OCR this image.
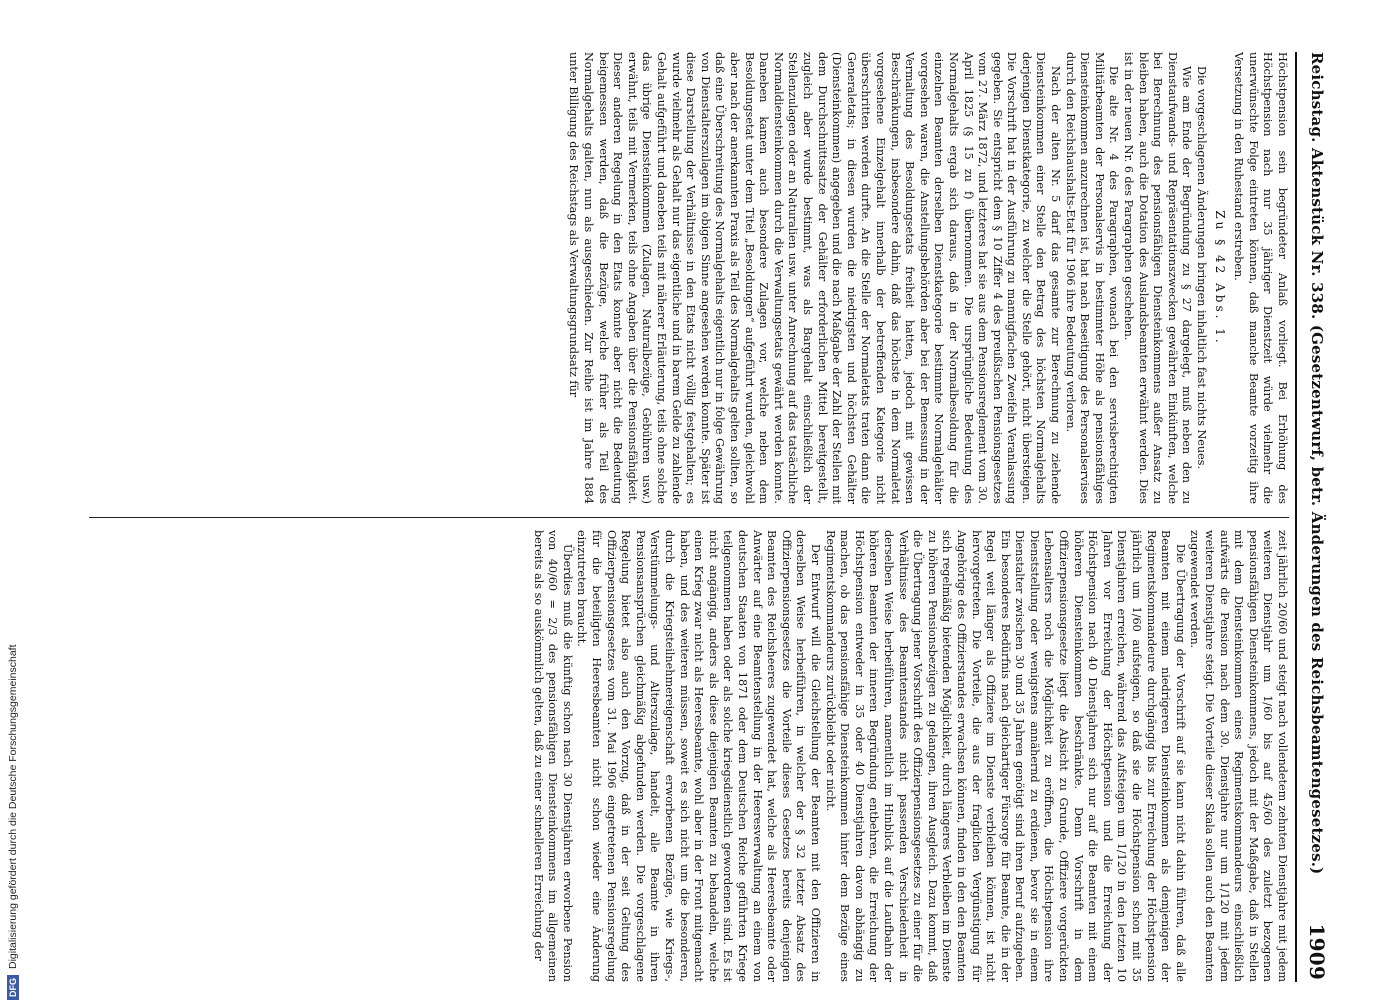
Reichstag. Aktenstück Nr. 338. (Gesetzentwurf, betr. Änderungen des Reichsbeamtengesetzes.)
1909

Höchstpension sein begründeter Anlaß vorliegt. Bei Erhöhung des Höchstpension nach nur 35 jähriger Dienstzeit würde vielmehr die unerwünschte Folge eintreten können, daß manche Beamte vorzeitig ihre Versetzung in den Ruhestand erstreben.

Zu § 42 Abs. 1.

Die vorgeschlagenen Änderungen bringen inhaltlich fast nichts Neues.

Wie am Ende der Begründung zu § 27 dargelegt, muß neben den zu Dienstaufwands- und Repräsentationszwecken gewährten Einkünften, welche bei Berechnung des pensionsfähigen Diensteinkommens außer Ansatz zu bleiben haben, auch die Dotation des Auslandsbeamten erwähnt werden. Dies ist in der neuen Nr. 6 des Paragraphen geschehen.

Die alte Nr. 4 des Paragraphen, wonach bei den servisberechtigten Militärbeamten der Personalservis in bestimmter Höhe als pensionsfähiges Diensteinkommen anzurechnen ist, hat nach Beseitigung des Personalservises durch den Reichshaushalts-Etat für 1906 ihre Bedeutung verloren.

Nach der alten Nr. 5 darf das gesamte zur Berechnung zu ziehende Diensteinkommen einer Stelle den Betrag des höchsten Normalgehalts derjenigen Dienstkategorie, zu welcher die Stelle gehört, nicht übersteigen. Die Vorschrift hat in der Ausführung zu mannigfachen Zweifeln Veranlassung gegeben. Sie entspricht dem § 10 Ziffer 4 des preußischen Pensionsgesetzes vom 27. März 1872, und letzteres hat sie aus dem Pensionsreglement vom 30. April 1825 (§ 15 zu f) übernommen. Die ursprüngliche Bedeutung des Normalgehalts ergab sich daraus, daß in der Normalbesoldung für die einzelnen Beamten derselben Dienstkategorie bestimmte Normalgehälter vorgesehen waren, die Anstellungsbehörden aber bei der Bemessung in der Vermaltung des Besoldungsetats freiheit hatten, jedoch mit gewissen Beschränkungen, insbesondere dahin, daß das höchste in dem Normaletat vorgesehene Einzelgehalt innerhalb der betreffenden Kategorie nicht überschritten werden durfte. An die Stelle der Normaletats traten dann die Generaletats; in diesen wurden die niedrigsten und höchsten Gehälter (Diensteinkommen) angegeben und die nach Maßgabe der Zahl der Stellen mit dem Durchschnittssatze der Gehälter erforderlichen Mittel bereitgestellt, zugleich aber wurde bestimmt, was als Bargehalt einschließlich der Stellenzulagen oder an Naturalien usw. unter Anrechnung auf das tatsächliche Normaldiensteinkommen durch die Verwaltungsetats gewährt werden konnte. Daneben kamen auch besondere Zulagen vor, welche neben dem Besoldungsetat unter dem Titel „Besoldungen“ aufgeführt wurden, gleichwohl aber nach der anerkannten Praxis als Teil des Normalgehalts gelten sollten, so daß eine Überschreitung des Normalgehalts eigentlich nur in folge Gewährung von Dienstalterszulagen im obigen Sinne angesehen werden konnte. Später ist diese Darstellung der Verhältnisse in den Etats nicht völlig festgehalten; es wurde vielmehr als Gehalt nur das eigentliche und in barem Gelde zu zahlende Gehalt aufgeführt und daneben teils mit näherer Erläuterung, teils ohne solche das übrige Diensteinkommen (Zulagen, Naturalbezüge, Gebühren usw.) erwähnt, teils mit Vermerken, teils ohne Angaben über die Pensionsfähigkeit. Dieser anderen Regelung in den Etats konnte aber nicht die Bedeutung beigemessen werden, daß die Bezüge, welche früher als Teil des Normalgehalts galten, nun als ausgeschieden. Zur Reihe ist im Jahre 1884 unter Billigung des Reichstags als Verwaltungsgrundsatz für

zeit jährlich 20/60 und steigt nach vollendetem zehnten Dienstjahre mit jedem weiteren Dienstjahr um 1/60 bis auf 45/60 des zuletzt bezogenen pensionsfähigen Diensteinkommens, jedoch mit der Maßgabe, daß in Stellen mit dem Diensteinkommen eines Regimentskommandeurs einschließlich aufwärts die Pension nach dem 30. Dienstjahre nur um 1/120 mit jedem weiteren Dienstjahre steigt. Die Vorteile dieser Skala sollen auch den Beamten zugewendet werden.

Die Übertragung der Vorschrift auf sie kann nicht dahin führen, daß alle Beamten mit einem niedrigeren Diensteinkommen als demjenigen der Regimentskommandeure durchgängig bis zur Erreichung der Höchstpension jährlich um 1/60 aufsteigen, so daß sie die Höchstpension schon mit 35 Dienstjahren erreichen, während das Aufsteigen um 1/120 in den letzten 10 Jahren vor Erreichung der Höchstpension und die Erreichung der Höchstpension nach 40 Dienstjahren sich nur auf die Beamten mit einem höheren Diensteinkommen beschränkte. Denn Vorschrift in dem Offizierpensionsgesetze liegt die Absicht zu Grunde, Offiziere vorgerückten Lebensalters noch die Möglichkeit zu eröffnen, die Höchstpension ihre Dienststellung oder wenigstens annähernd zu erdienen, bevor sie in einem Dienstalter zwischen 30 und 35 Jahren genötigt sind ihren Beruf aufzugeben. Ein besonderes Bedürfnis nach gleichartiger Fürsorge für Beamte, die in der Regel weit länger als Offiziere im Dienste verbleiben können, ist nicht hervorgetreten. Die Vorteile, die aus der fraglichen Vergünstigung für Angehörige des Offizierstandes erwachsen können, finden in den den Beamten sich regelmäßig bietenden Möglichkeit, durch längeres Verbleiben im Dienste zu höheren Pensionsbezügen zu gelangen, ihren Ausgleich. Dazu kommt, daß die Übertragung jener Vorschrift des Offizierpensionsgesetzes zu einer für die Verhältnisse des Beamtenstandes nicht passenden Verschiedenheit in derselben Weise herbeiführen, namentlich im Hinblick auf die Laufbahn der höheren Beamten der inneren Begründung entbehren, die Erreichung der Höchstpension entweder in 35 oder 40 Dienstjahren davon abhängig zu machen, ob das pensionsfähige Diensteinkommen hinter dem Bezüge eines Regimentskommandeurs zurückbleibt oder nicht.

Der Entwurf will die Gleichstellung der Beamten mit den Offizieren in derselben Weise herbeiführen, in welcher der § 32 letzter Absatz des Offizierpensionsgesetzes die Vorteile dieses Gesetzes bereits denjenigen Beamten des Reichsheeres zugewendet hat, welche als Heeresbeamte oder Anwärter auf eine Beamtenstellung in der Heeresverwaltung an einem von deutschen Staaten von 1871 oder dem Deutschen Reiche geführten Kriege teilgenommen haben oder als solche kriegsdienstlich gewordenen sind. Es ist nicht angängig, anders als diese diejenigen Beamten zu behandeln, welche einen Krieg zwar nicht als Heeresbeamte, wohl aber in der Front mitgemacht haben, und des weiteren müssen, soweit es sich nicht um die besonderen, durch die Kriegsteilnehmereigenschaft erworbenen Bezüge, wie Kriegs-, Verstümmelungs- und Alterszulage, handelt, alle Beamte in ihren Pensionsansprüchen gleichmäßig abgefunden werden. Die vorgeschlagene Regelung bietet also auch den Vorzug, daß in der seit Geltung des Offizierpensionsgesetzes vom 31. Mai 1906 eingetretenen Pensionsregelung für die beteiligten Heeresbeamten nicht schon wieder eine Änderung einzutreten braucht.

Überdies muß die künftig schon nach 30 Dienstjahren erworbene Pension von 40/60 = 2/3 des pensionsfähigen Diensteinkommens im allgemeinen bereits als so auskömmlich gelten, daß zu einer schnelleren Erreichung der

DFG
Digitalisierung gefördert durch die Deutsche Forschungsgemeinschaft
